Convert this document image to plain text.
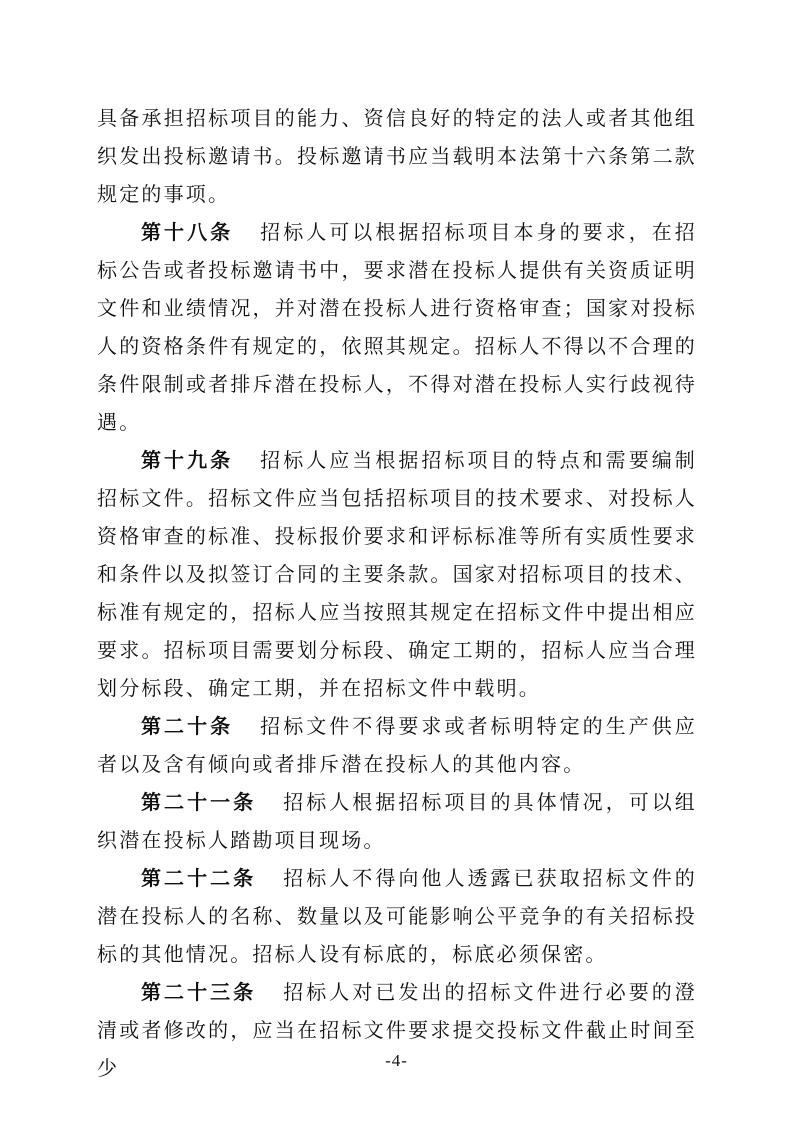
具备承担招标项目的能力、资信良好的特定的法人或者其他组织发出投标邀请书。投标邀请书应当载明本法第十六条第二款规定的事项。

第十八条 招标人可以根据招标项目本身的要求，在招标公告或者投标邀请书中，要求潜在投标人提供有关资质证明文件和业绩情况，并对潜在投标人进行资格审查；国家对投标人的资格条件有规定的，依照其规定。招标人不得以不合理的条件限制或者排斥潜在投标人，不得对潜在投标人实行歧视待遇。

第十九条 招标人应当根据招标项目的特点和需要编制招标文件。招标文件应当包括招标项目的技术要求、对投标人资格审查的标准、投标报价要求和评标标准等所有实质性要求和条件以及拟签订合同的主要条款。国家对招标项目的技术、标准有规定的，招标人应当按照其规定在招标文件中提出相应要求。招标项目需要划分标段、确定工期的，招标人应当合理划分标段、确定工期，并在招标文件中载明。

第二十条 招标文件不得要求或者标明特定的生产供应者以及含有倾向或者排斥潜在投标人的其他内容。

第二十一条 招标人根据招标项目的具体情况，可以组织潜在投标人踏勘项目现场。

第二十二条 招标人不得向他人透露已获取招标文件的潜在投标人的名称、数量以及可能影响公平竞争的有关招标投标的其他情况。招标人设有标底的，标底必须保密。

第二十三条 招标人对已发出的招标文件进行必要的澄清或者修改的，应当在招标文件要求提交投标文件截止时间至少	-4-
